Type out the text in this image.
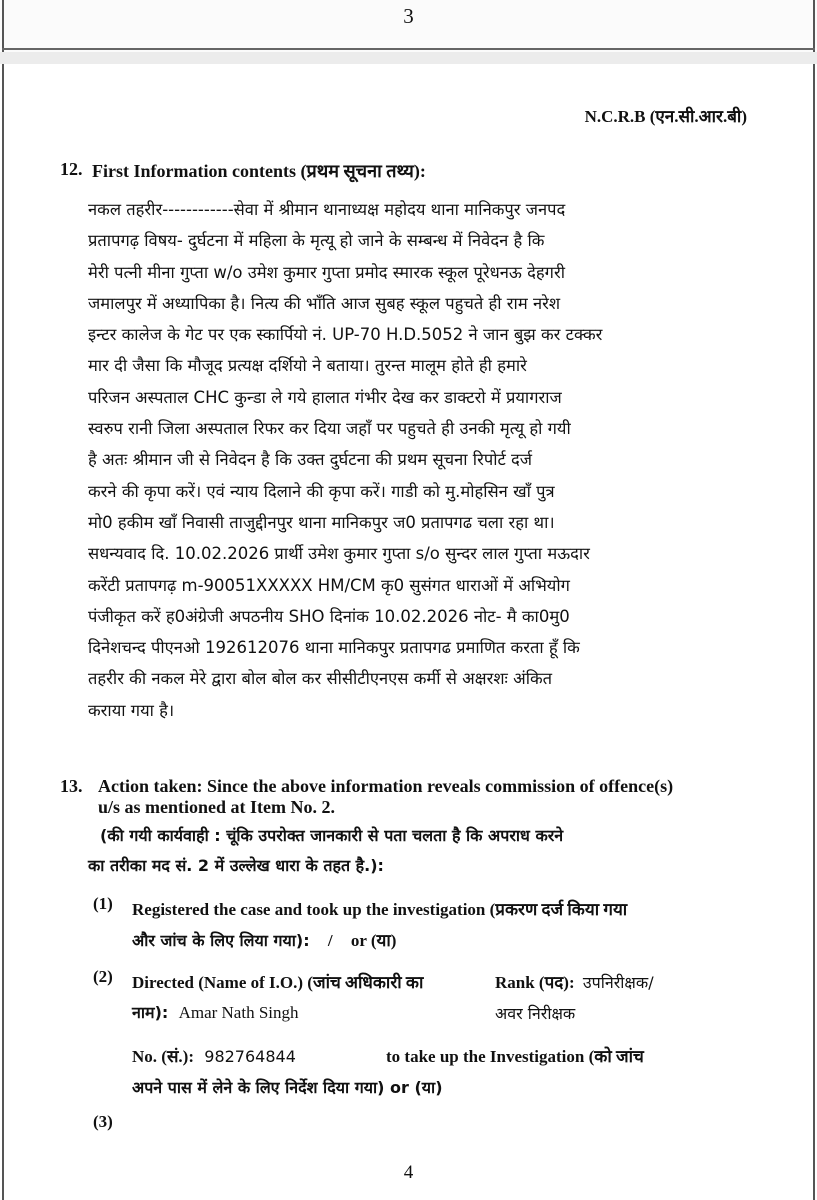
3
N.C.R.B (एन.सी.आर.बी)
12. First Information contents (प्रथम सूचना तथ्य):
नकल तहरीर------------सेवा में श्रीमान थानाध्यक्ष महोदय थाना मानिकपुर जनपद
प्रतापगढ़ विषय- दुर्घटना में महिला के मृत्यू हो जाने के सम्बन्ध में निवेदन है कि
मेरी पत्नी मीना गुप्ता w/o उमेश कुमार गुप्ता प्रमोद स्मारक स्कूल पूरेधनऊ देहगरी
जमालपुर में अध्यापिका है। नित्य की भाँति आज सुबह स्कूल पहुचते ही राम नरेश
इन्टर कालेज के गेट पर एक स्कार्पियो नं. UP-70 H.D.5052 ने जान बुझ कर टक्कर
मार दी जैसा कि मौजूद प्रत्यक्ष दर्शियो ने बताया। तुरन्त मालूम होते ही हमारे
परिजन अस्पताल CHC कुन्डा ले गये हालात गंभीर देख कर डाक्टरो में प्रयागराज
स्वरुप रानी जिला अस्पताल रिफर कर दिया जहाँ पर पहुचते ही उनकी मृत्यू हो गयी
है अतः श्रीमान जी से निवेदन है कि उक्त दुर्घटना की प्रथम सूचना रिपोर्ट दर्ज
करने की कृपा करें। एवं न्याय दिलाने की कृपा करें। गाडी को मु.मोहसिन खाँ पुत्र
मो0 हकीम खाँ निवासी ताजुद्दीनपुर थाना मानिकपुर ज0 प्रतापगढ चला रहा था।
सधन्यवाद दि. 10.02.2026 प्रार्थी उमेश कुमार गुप्ता s/o सुन्दर लाल गुप्ता मऊदार
करेंटी प्रतापगढ़ m-90051XXXXX HM/CM कृ0 सुसंगत धाराओं में अभियोग
पंजीकृत करें ह0अंग्रेजी अपठनीय SHO दिनांक 10.02.2026 नोट- मै का0मु0
दिनेशचन्द पीएनओ 192612076 थाना मानिकपुर प्रतापगढ प्रमाणित करता हूँ कि
तहरीर की नकल मेरे द्वारा बोल बोल कर सीसीटीएनएस कर्मी से अक्षरशः अंकित
कराया गया है।
13. Action taken: Since the above information reveals commission of offence(s)
u/s as mentioned at Item No. 2.
(की गयी कार्यवाही : चूंकि उपरोक्त जानकारी से पता चलता है कि अपराध करने
का तरीका मद सं. 2 में उल्लेख धारा के तहत है.):
(1) Registered the case and took up the investigation (प्रकरण दर्ज किया गया
और जांच के लिए लिया गया): / or (या)
(2) Directed (Name of I.O.) (जांच अधिकारी का
नाम): Amar Nath Singh
Rank (पद): उपनिरीक्षक/
अवर निरीक्षक
No. (सं.): 982764844	to take up the Investigation (को जांच
अपने पास में लेने के लिए निर्देश दिया गया) or (या)
(3)
4
